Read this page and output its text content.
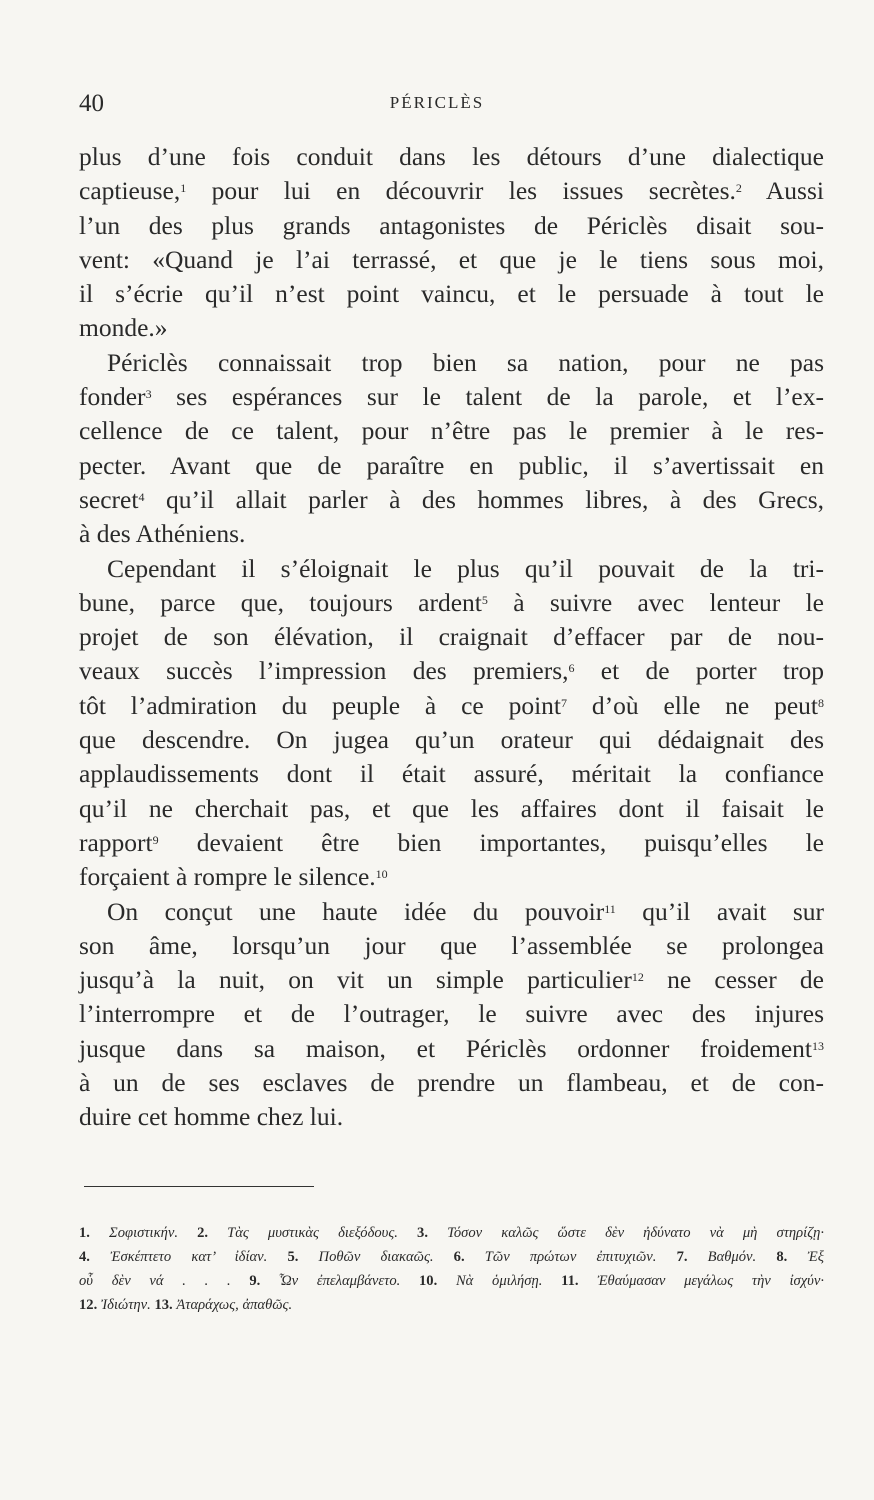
40	PÉRICLÈS
plus d’une fois conduit dans les détours d’une dialectique
captieuse,$^1$ pour lui en découvrir les issues secrètes.$^2$ Aussi
l’un des plus grands antagonistes de Périclès disait sou-
vent: «Quand je l’ai terrassé, et que je le tiens sous moi,
il s’écrie qu’il n’est point vaincu, et le persuade à tout le
monde.»
Périclès connaissait trop bien sa nation, pour ne pas
fonder$^3$ ses espérances sur le talent de la parole, et l’ex-
cellence de ce talent, pour n’être pas le premier à le res-
pecter. Avant que de paraître en public, il s’avertissait en
secret$^4$ qu’il allait parler à des hommes libres, à des Grecs,
à des Athéniens.
Cependant il s’éloignait le plus qu’il pouvait de la tri-
bune, parce que, toujours ardent$^5$ à suivre avec lenteur le
projet de son élévation, il craignait d’effacer par de nou-
veaux succès l’impression des premiers,$^6$ et de porter trop
tôt l’admiration du peuple à ce point$^7$ d’où elle ne peut$^8$
que descendre. On jugea qu’un orateur qui dédaignait des
applaudissements dont il était assuré, méritait la confiance
qu’il ne cherchait pas, et que les affaires dont il faisait le
rapport$^9$ devaient être bien importantes, puisqu’elles le
forçaient à rompre le silence.$^{10}$
On conçut une haute idée du pouvoir$^{11}$ qu’il avait sur
son âme, lorsqu’un jour que l’assemblée se prolongea
jusqu’à la nuit, on vit un simple particulier$^{12}$ ne cesser de
l’interrompre et de l’outrager, le suivre avec des injures
jusque dans sa maison, et Périclès ordonner froidement$^{13}$
à un de ses esclaves de prendre un flambeau, et de con-
duire cet homme chez lui.
1. Σοφιστικήν. 2. Τὰς μυστικὰς διεξόδους. 3. Τόσον καλῶς ὥστε δὲν ἠδύνατο νὰ μὴ στηρίζῃ·
4. Ἐσκέπτετο κατ’ ἰδίαν. 5. Ποθῶν διακαῶς. 6. Τῶν πρώτων ἐπιτυχιῶν. 7. Βαθμόν. 8. Ἐξ
οὗ δὲν νά . . . 9. Ὧν ἐπελαμβάνετο. 10. Νὰ ὁμιλήσῃ. 11. Ἐθαύμασαν μεγάλως τὴν ἰσχύν·
12. Ἰδιώτην. 13. Ἀταράχως, ἀπαθῶς.
